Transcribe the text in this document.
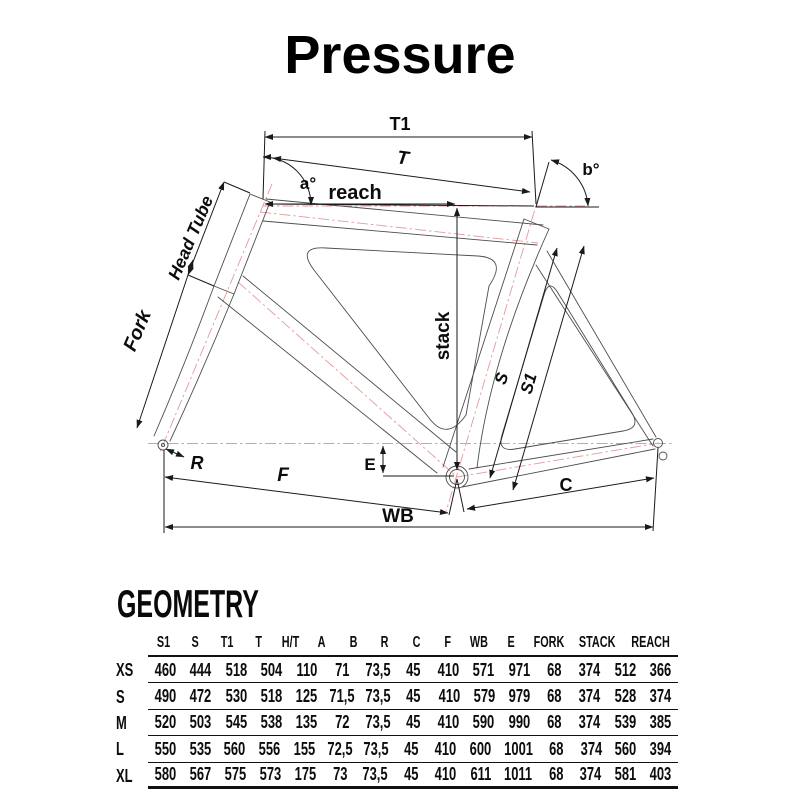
Pressure
T1
T
a°
b°
reach
Head Tube
Fork	stack
S S1
R	E
F	C
WB
GEOMETRY
S1 S T1 T H/T A B R C F WB E FORK STACK REACH
XS 460 444 518 504 110 71 73,5 45 410 571 971 68 374 512 366
S 490 472 530 518 125 71,5 73,5 45 410 579 979 68 374 528 374
M 520 503 545 538 135 72 73,5 45 410 590 990 68 374 539 385
L 550 535 560 556 155 72,5 73,5 45 410 600 1001 68 374 560 394
XL 580 567 575 573 175 73 73,5 45 410 611 1011 68 374 581 403
